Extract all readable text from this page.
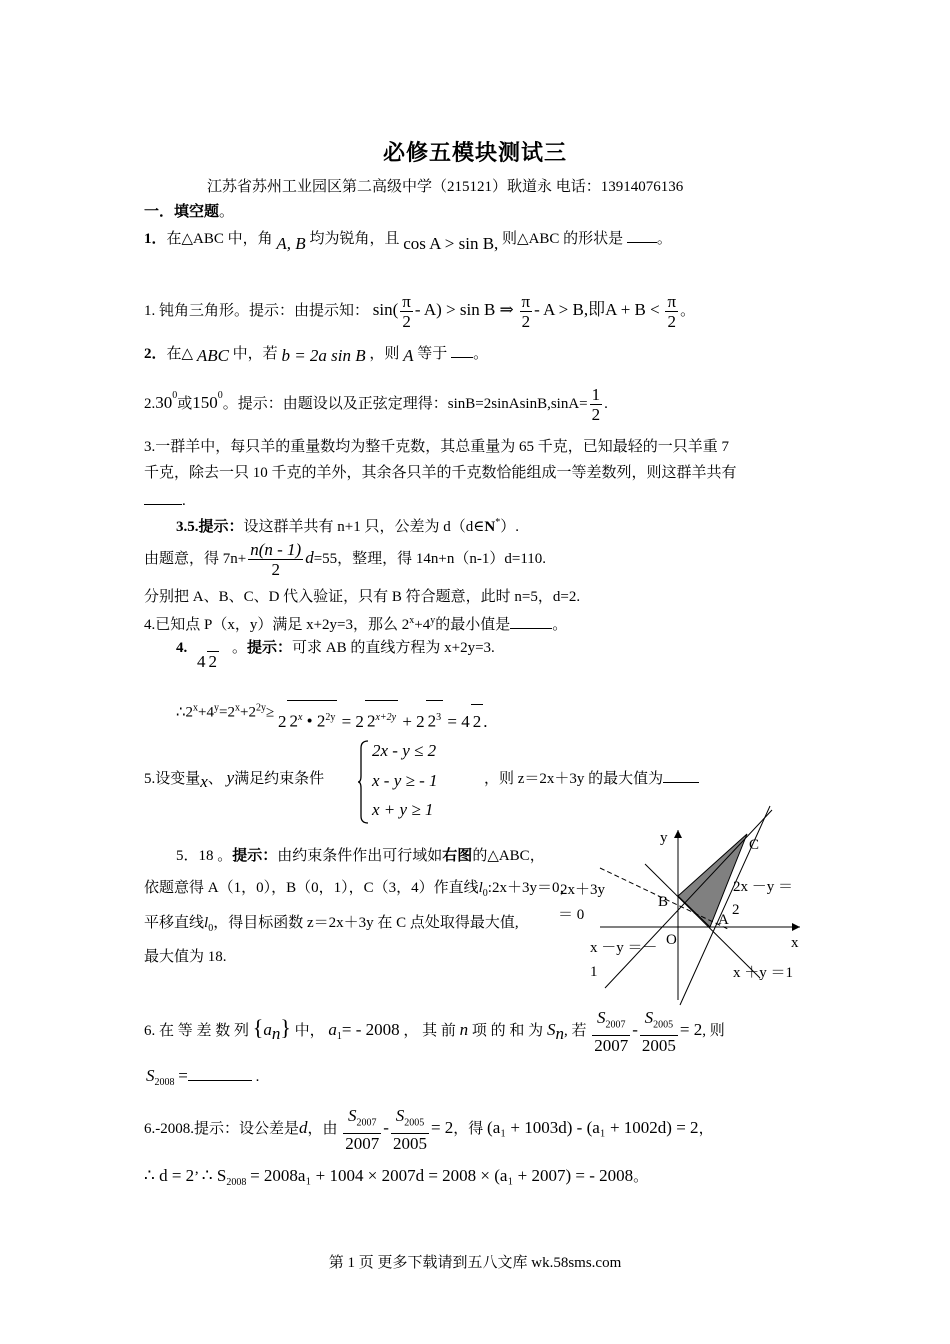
必修五模块测试三
江苏省苏州工业园区第二高级中学（215121）耿道永 电话：13914076136
一．填空题。
1．在△ABC 中，角 A, B 均为锐角，且 cos A > sin B, 则△ABC 的形状是 。
1. 钝角三角形。提示：由提示知： $\sin( \frac{\pi}{2} - A) > \sin B$ ⇒ $\frac{\pi}{2} - A > B$,即$A + B < \frac{\pi}{2}$ 。
2．在△ ABC 中，若 b = 2a sin B ，则 A 等于 。
2.30$^0$或$150^0$。提示：由题设以及正弦定理得：sinB=2sinAsinB,sinA= $\frac{1}{2}$ .
3.一群羊中，每只羊的重量数均为整千克数，其总重量为 65 千克，已知最轻的一只羊重 7
千克，除去一只 10 千克的羊外，其余各只羊的千克数恰能组成一等差数列，则这群羊共有
.
3.5.提示：设这群羊共有 n+1 只，公差为 d（d∈N*）.
由题意，得 $7n+ \frac{n(n - 1)}{2} d=55$，整理，得 14n+n（n-1）d=110.
分别把 A、B、C、D 代入验证，只有 B 符合题意，此时 n=5，d=2.
4.已知点 P（x，y）满足 x+2y=3，那么 $2^x+4^y$的最小值是	。
4.
4 2
。提示：可求 AB 的直线方程为 x+2y=3.
$\therefore 2^x+4^y=2^x+2^{2y}\ge 2$ 2$^x$ • $2^{2y} = 2$ $2^{x+2y} + 2$ $2^3 = 4$ 2 .
5.设变量x、 y满足约束条件
2x - y ≤ 2
x - y ≥ - 1
x + y ≥ 1
，则 z＝2x＋3y 的最大值为
5．18 。提示：由约束条件作出可行域如右图的△ABC，
依题意得 A（1，0），B（0，1），C（3，4）作直线$l_0:2x+3y=0$，
平移直线$l_0$，得目标函数 z＝2x＋3y 在 C 点处取得最大值,
最大值为 18.
y
x
C
B
A
O
2x －y ＝
2
2x＋3y
＝ 0
x －y ＝－
1	x ＋y ＝1
6. 在 等 差 数 列 $\{a_n\}$ 中， $a_1= - 2008$ ， 其 前 n 项 的 和 为 $S_n$, 若 $\frac{S_{2007}}{2007} - \frac{S_{2005}}{2005} = 2$, 则
$S_{2008}$ =	.
6.-2008.提示：设公差是d，由 $\frac{S_{2007}}{2007} - \frac{S_{2005}}{2005} = 2$，得 (a₁ + 1003d) - (a₁ + 1002d) = 2，
∴ d = 2’ ∴ $S_{2008} = 2008a_1 + 1004 \times 2007d = 2008 \times (a_1 + 2007)$ = - 2008。
第 1 页 更多下载请到五八文库 wk.58sms.com
